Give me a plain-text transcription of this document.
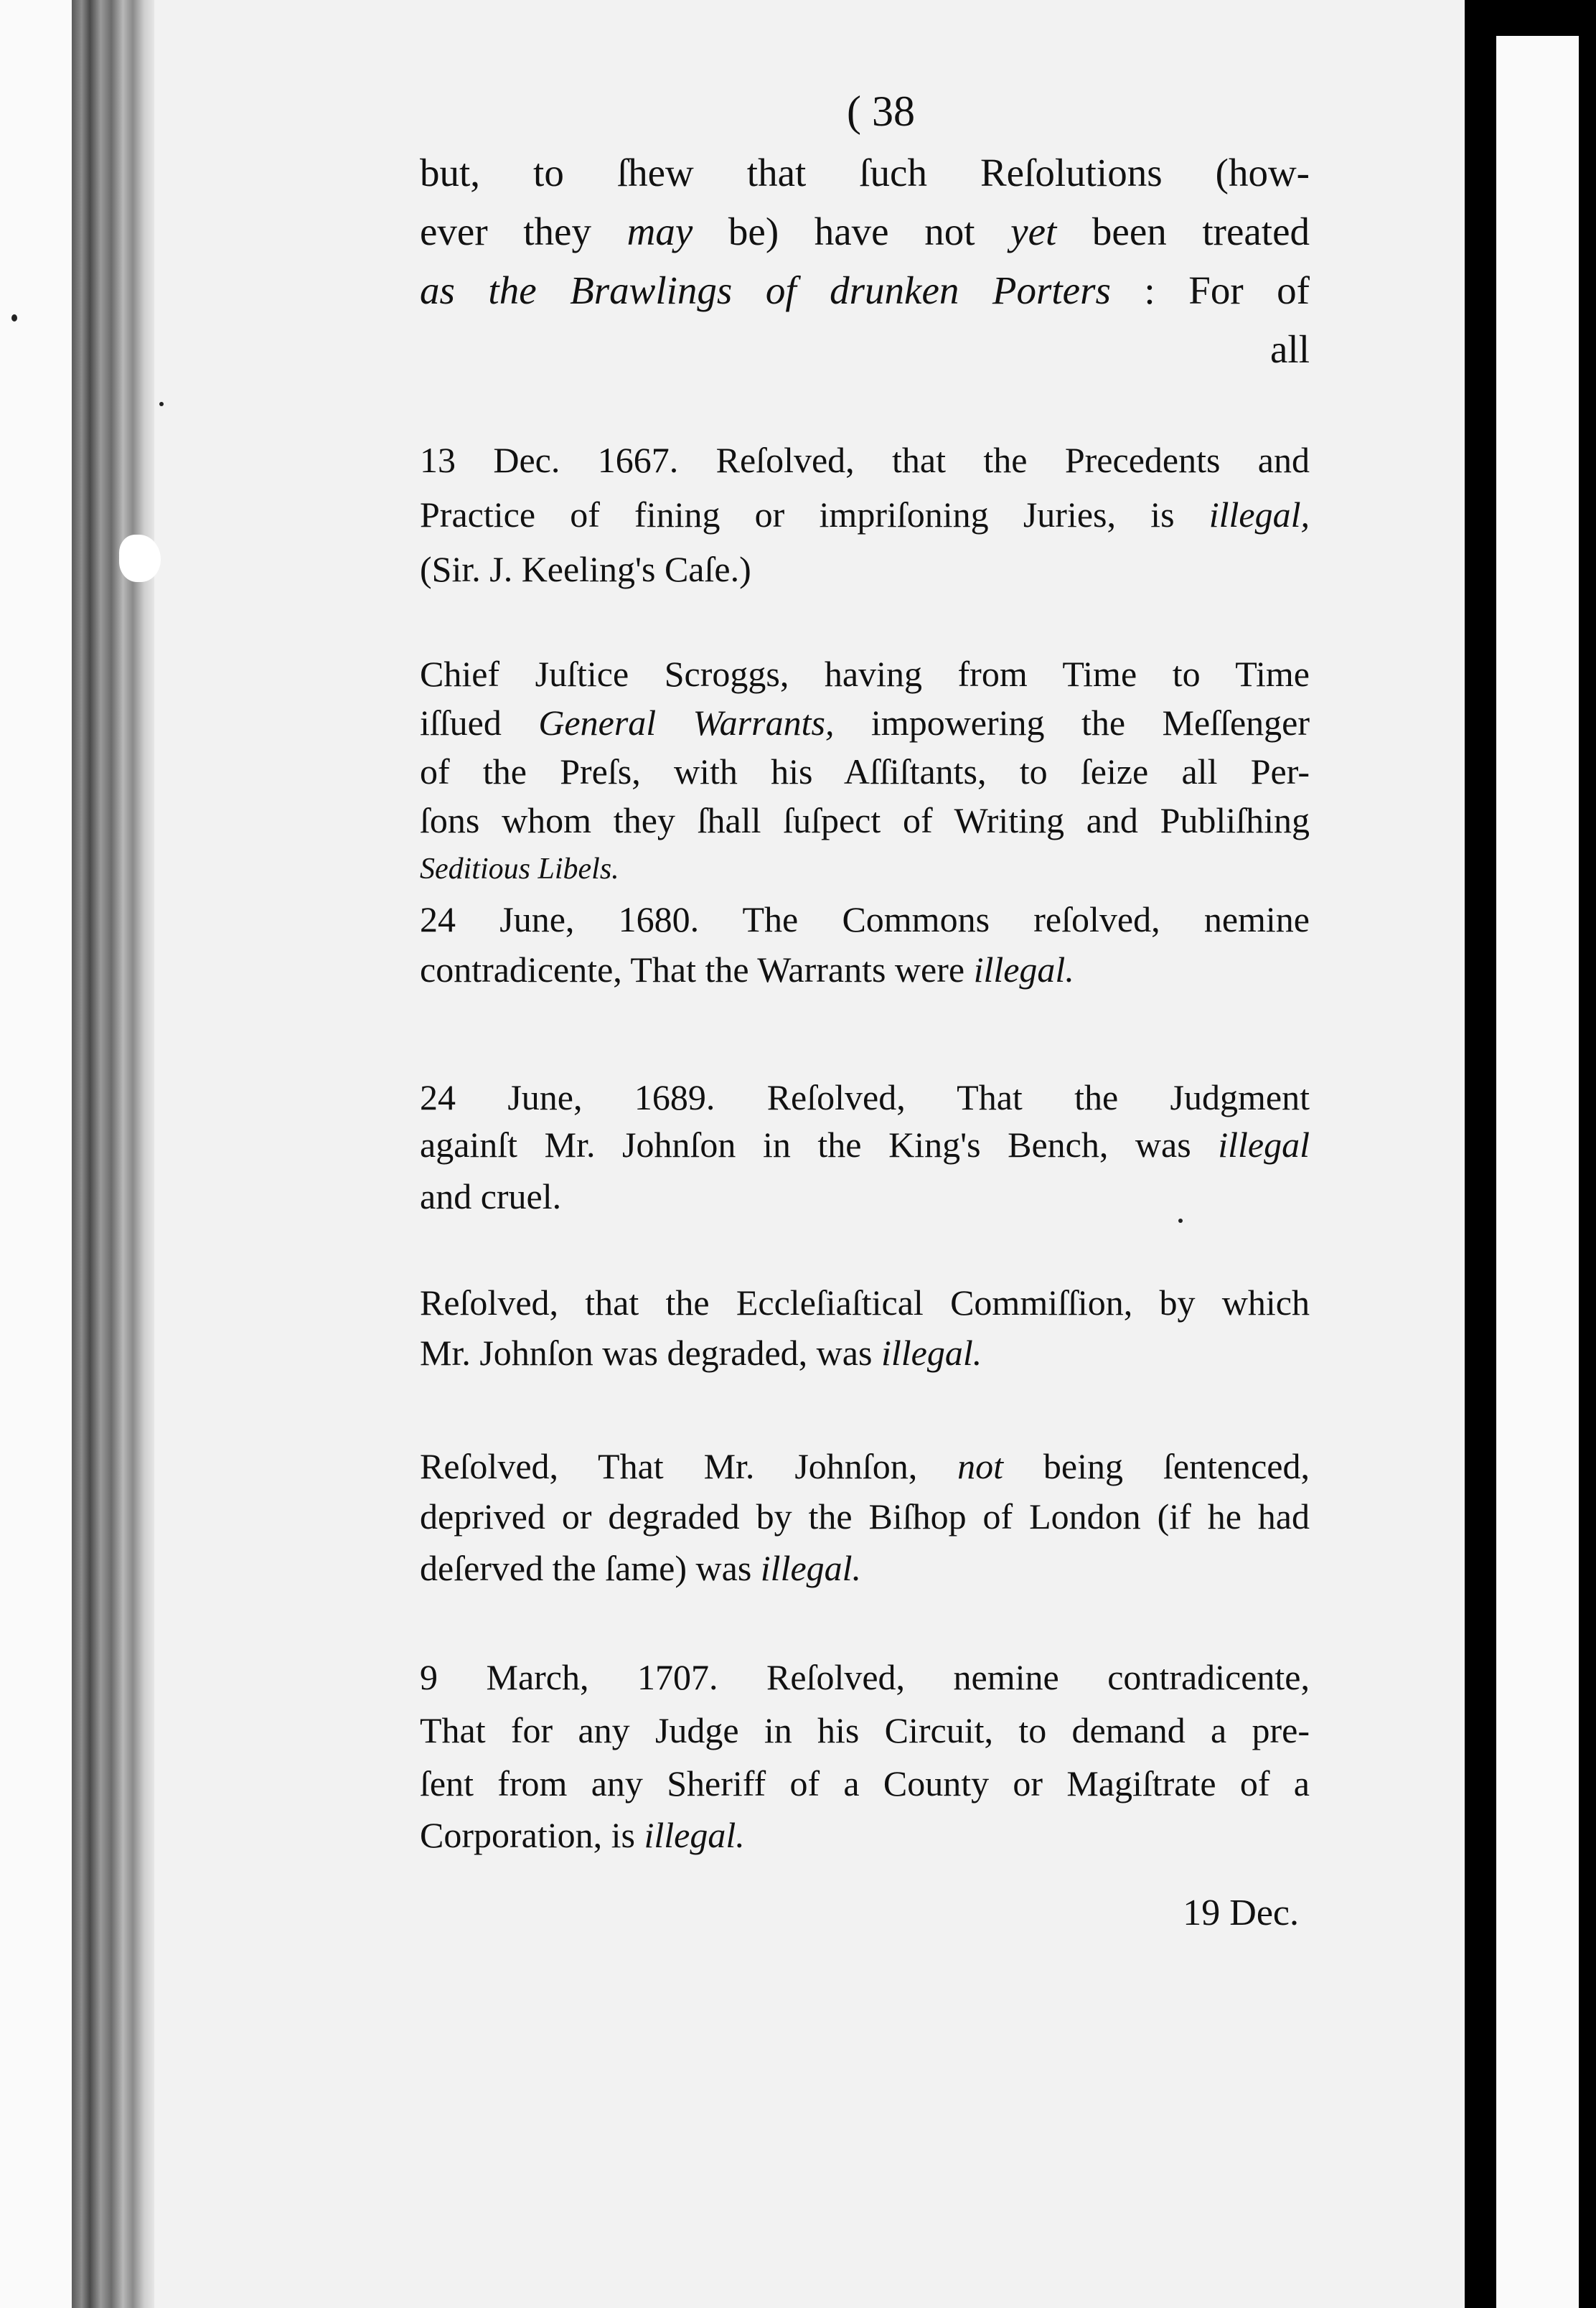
( 38
but, to ſhew that ſuch Reſolutions (how-
ever they may be) have not yet been treated
as the Brawlings of drunken Porters : For of
all
13 Dec. 1667. Reſolved, that the Precedents and
Practice of fining or impriſoning Juries, is illegal,
(Sir. J. Keeling's Caſe.)
Chief Juſtice Scroggs, having from Time to Time
iſſued General Warrants, impowering the Meſſenger
of the Preſs, with his Aſſiſtants, to ſeize all Per-
ſons whom they ſhall ſuſpect of Writing and Publiſhing
Seditious Libels.
24 June, 1680. The Commons reſolved, nemine
contradicente, That the Warrants were illegal.
24 June, 1689. Reſolved, That the Judgment
againſt Mr. Johnſon in the King's Bench, was illegal
and cruel.
Reſolved, that the Eccleſiaſtical Commiſſion, by which
Mr. Johnſon was degraded, was illegal.
Reſolved, That Mr. Johnſon, not being ſentenced,
deprived or degraded by the Biſhop of London (if he had
deſerved the ſame) was illegal.
9 March, 1707. Reſolved, nemine contradicente,
That for any Judge in his Circuit, to demand a pre-
ſent from any Sheriff of a County or Magiſtrate of a
Corporation, is illegal.
19 Dec.
